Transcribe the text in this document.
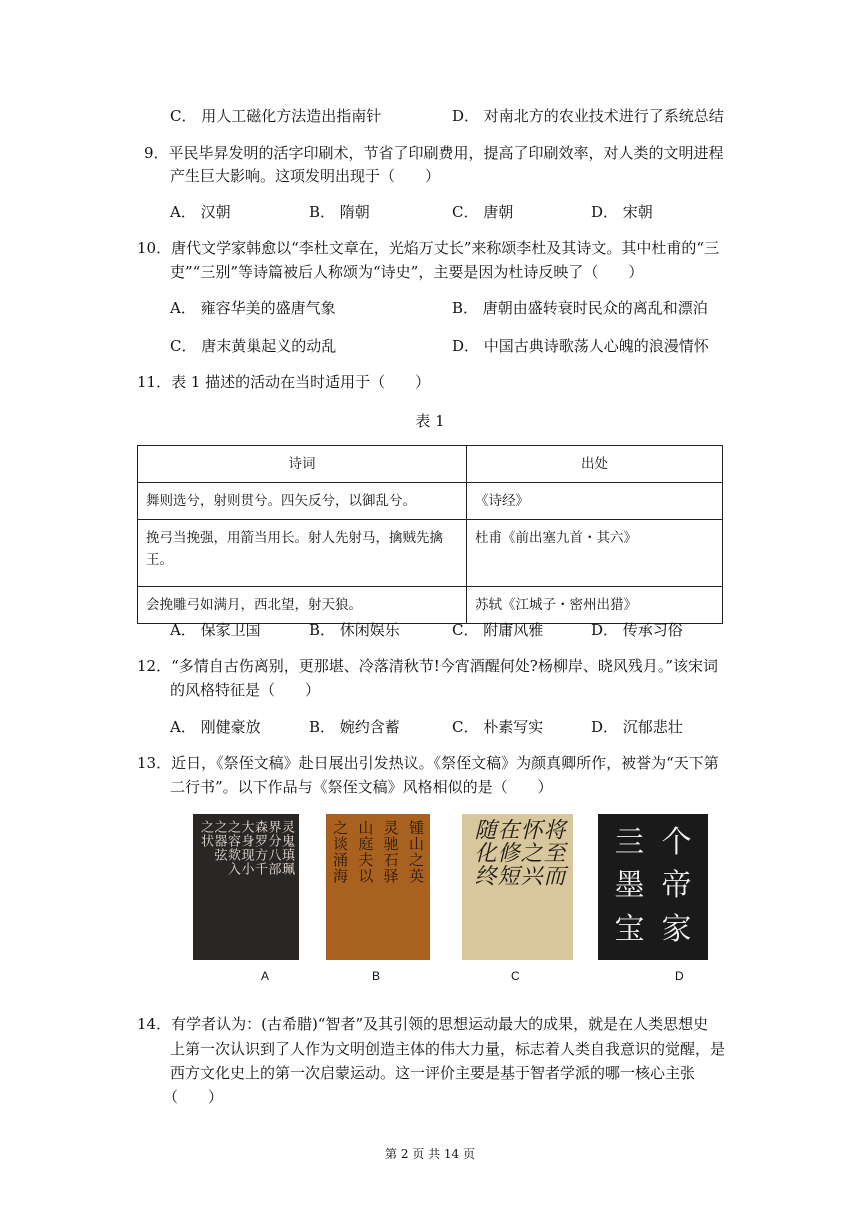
C． 用人工磁化方法造出指南针	D． 对南北方的农业技术进行了系统总结
9．平民毕昇发明的活字印刷术，节省了印刷费用，提高了印刷效率，对人类的文明进程
产生巨大影响。这项发明出现于（　　）
A． 汉朝	B． 隋朝	C． 唐朝	D． 宋朝
10．唐代文学家韩愈以“李杜文章在，光焰万丈长”来称颂李杜及其诗文。其中杜甫的“三
吏”“三别”等诗篇被后人称颂为“诗史”，主要是因为杜诗反映了（　　）
A． 雍容华美的盛唐气象	B． 唐朝由盛转衰时民众的离乱和漂泊
C． 唐末黄巢起义的动乱	D． 中国古典诗歌荡人心魄的浪漫情怀
11．表 1 描述的活动在当时适用于（　　）
表 1
诗词	出处
舞则选兮，射则贯兮。四矢反兮，以御乱兮。	《诗经》
挽弓当挽强，用箭当用长。射人先射马，擒贼先擒王。	杜甫《前出塞九首・其六》
会挽雕弓如满月，西北望，射天狼。	苏轼《江城子・密州出猎》
A． 保家卫国	B． 休闲娱乐	C． 附庸风雅	D． 传承习俗
12．“多情自古伤离别，更那堪、冷落清秋节!今宵酒醒何处?杨柳岸、晓风残月。”该宋词
的风格特征是（　　）
A． 刚健豪放	B． 婉约含蓄	C． 朴素写实	D． 沉郁悲壮
13．近日，《祭侄文稿》赴日展出引发热议。《祭侄文稿》为颜真卿所作，被誉为“天下第
二行书”。以下作品与《祭侄文稿》风格相似的是（　　）
灵鬼瑱珮
界分八部
森罗方千
大身现小
之容欻入
之器弦
之状	锺山之英
灵驰石驿
山庭夫以
之谈涌海	将至而
怀之兴
在修短
随化终	亖 个
墨 帝
宝 家
A	B	C	D
14．有学者认为：(古希腊)“智者”及其引领的思想运动最大的成果，就是在人类思想史
上第一次认识到了人作为文明创造主体的伟大力量，标志着人类自我意识的觉醒，是
西方文化史上的第一次启蒙运动。这一评价主要是基于智者学派的哪一核心主张
（　　）
第 2 页 共 14 页
